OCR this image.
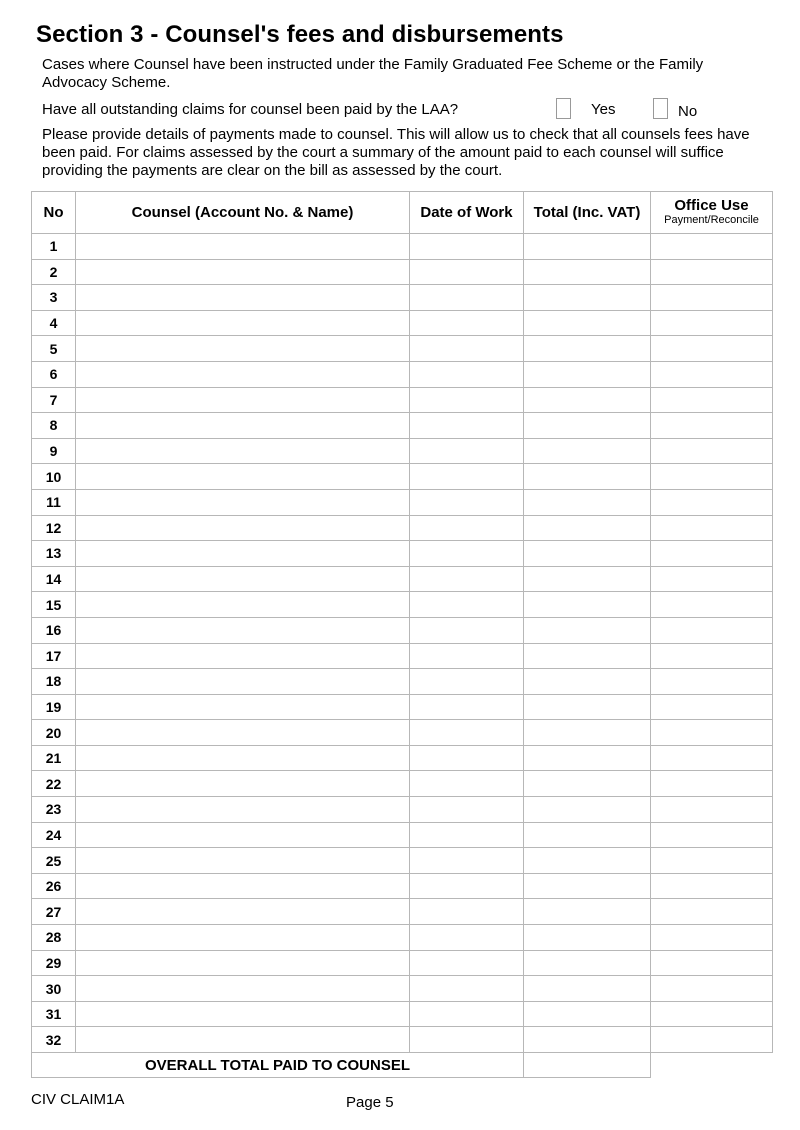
Section 3 - Counsel's fees and disbursements
Cases where Counsel have been instructed under the Family Graduated Fee Scheme or the Family Advocacy Scheme.
Have all outstanding claims for counsel been paid by the LAA?	Yes	No
Please provide details of payments made to counsel. This will allow us to check that all counsels fees have been paid. For claims assessed by the court a summary of the amount paid to each counsel will suffice providing the payments are clear on the bill as assessed by the court.
No	Counsel (Account No. & Name)	Date of Work	Total (Inc. VAT)	Office Use
Payment/Reconcile

1				
2				
3				
4				
5				
6				
7				
8				
9				
10				
11				
12				
13				
14				
15				
16				
17				
18				
19				
20				
21				
22				
23				
24				
25				
26				
27				
28				
29				
30				
31				
32				
OVERALL TOTAL PAID TO COUNSEL				
CIV CLAIM1A	Page 5
